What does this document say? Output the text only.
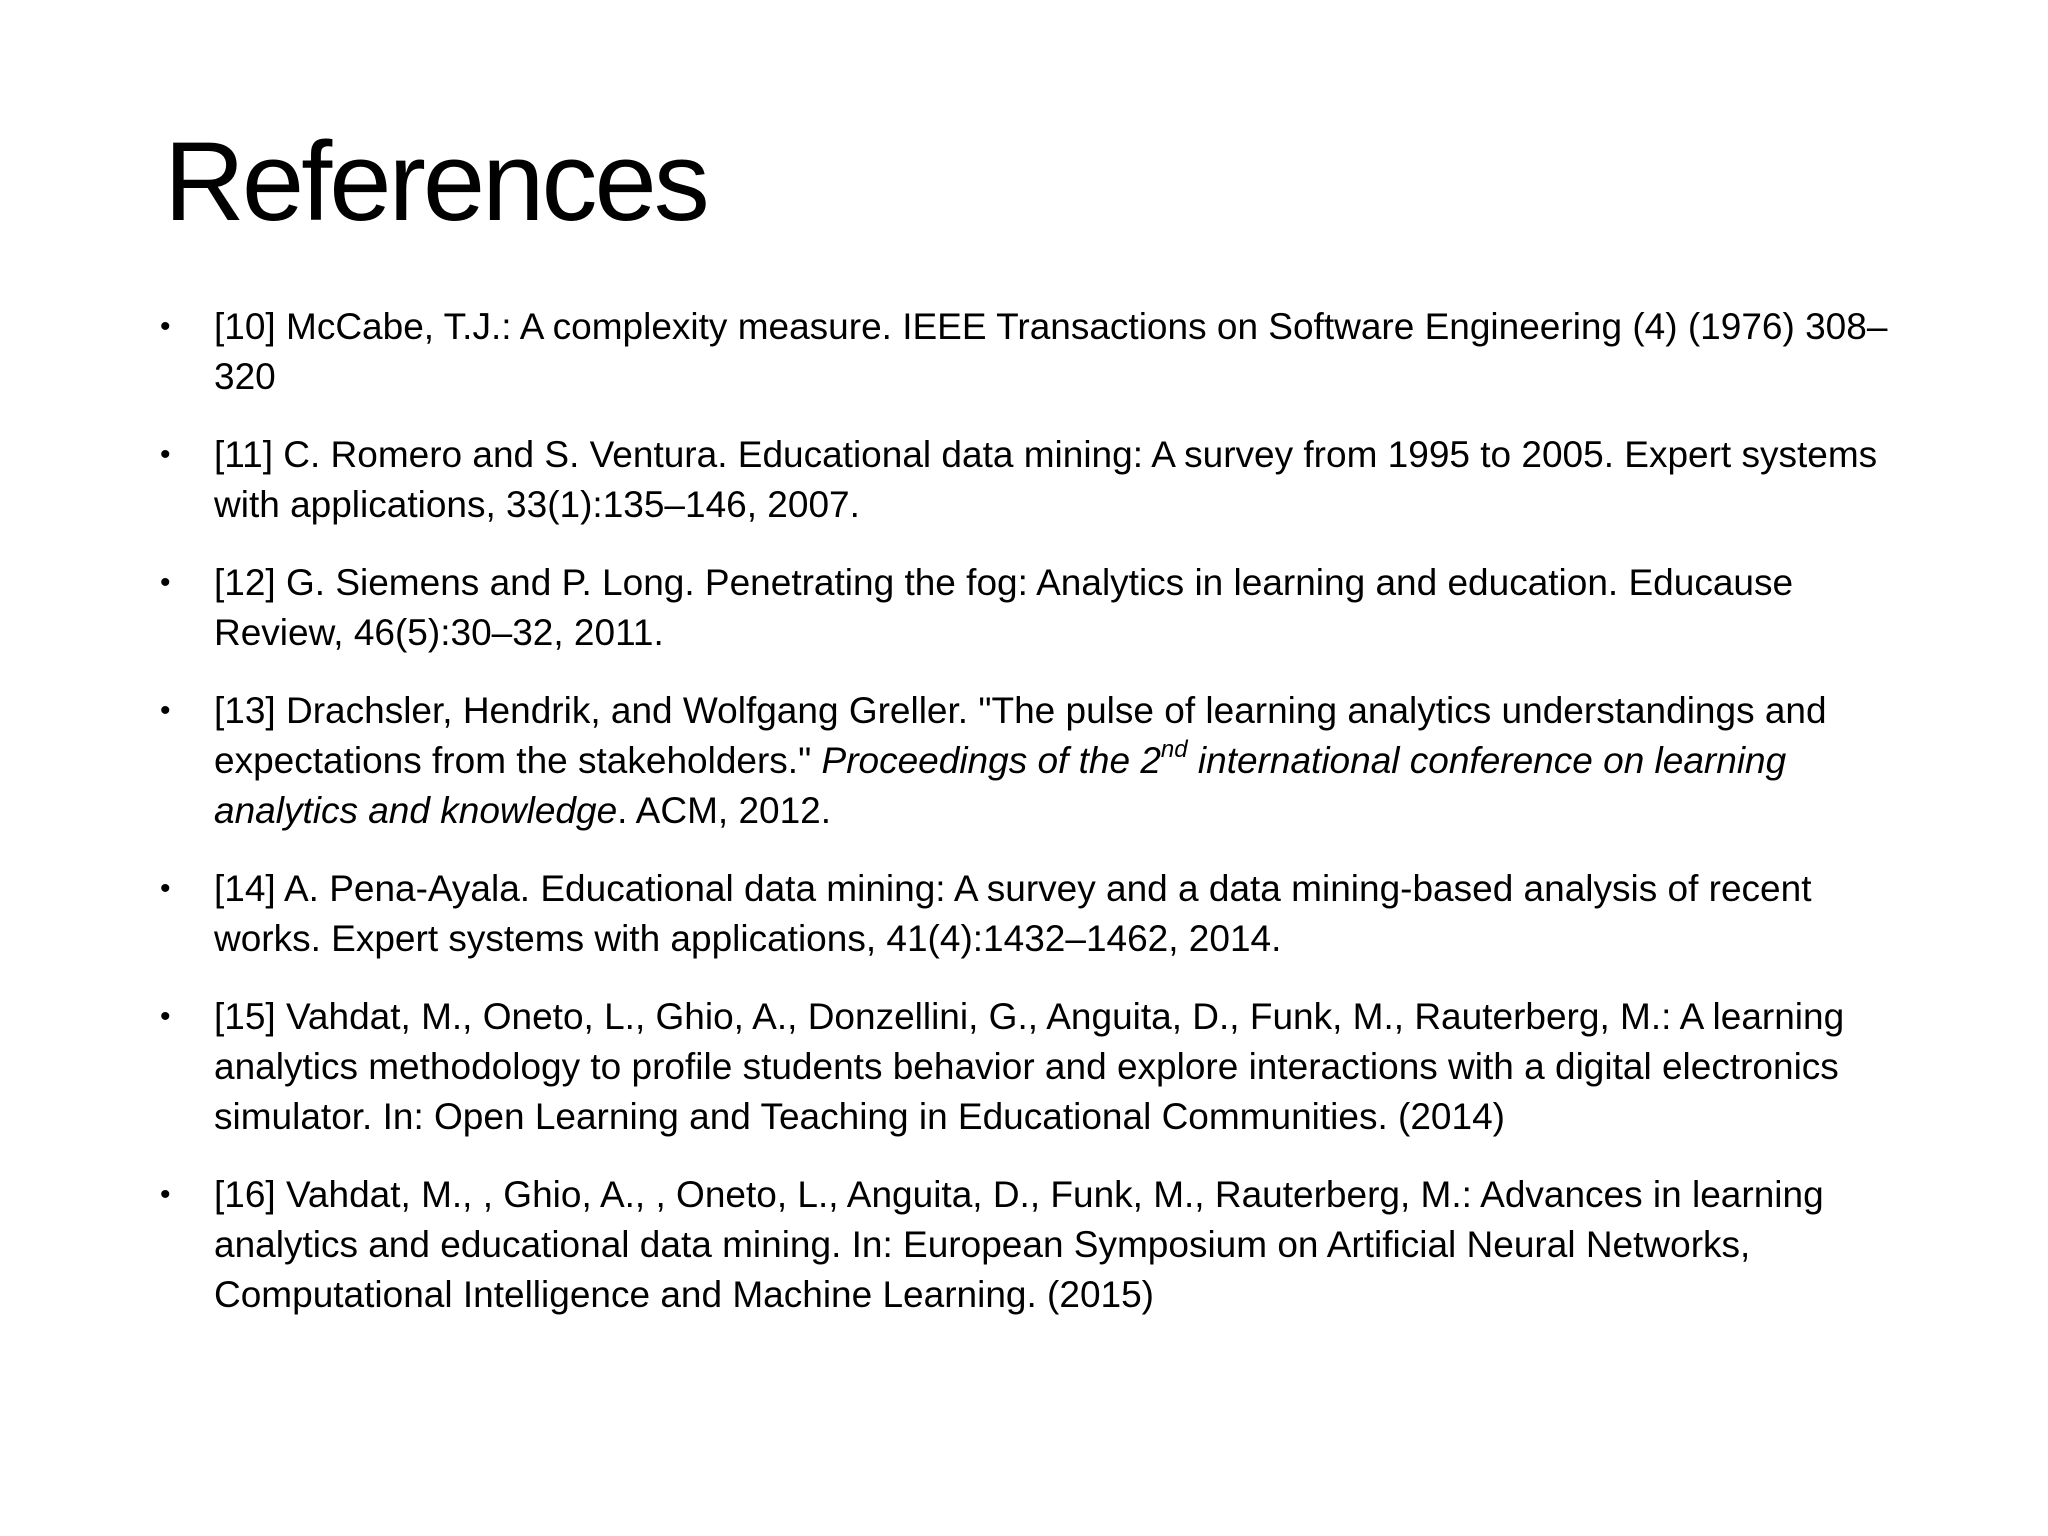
References
•	[10] McCabe, T.J.: A complexity measure. IEEE Transactions on Software Engineering (4) (1976) 308–320
•	[11] C. Romero and S. Ventura. Educational data mining: A survey from 1995 to 2005. Expert systems with applications, 33(1):135–146, 2007.
•	[12] G. Siemens and P. Long. Penetrating the fog: Analytics in learning and education. Educause Review, 46(5):30–32, 2011.
•	[13] Drachsler, Hendrik, and Wolfgang Greller. "The pulse of learning analytics understandings and expectations from the stakeholders." Proceedings of the 2nd international conference on learning analytics and knowledge. ACM, 2012.
•	[14] A. Pena-Ayala. Educational data mining: A survey and a data mining-based analysis of recent works. Expert systems with applications, 41(4):1432–1462, 2014.
•	[15] Vahdat, M., Oneto, L., Ghio, A., Donzellini, G., Anguita, D., Funk, M., Rauterberg, M.: A learning analytics methodology to profile students behavior and explore interactions with a digital electronics simulator. In: Open Learning and Teaching in Educational Communities. (2014)
•	[16] Vahdat, M., , Ghio, A., , Oneto, L., Anguita, D., Funk, M., Rauterberg, M.: Advances in learning analytics and educational data mining. In: European Symposium on Artificial Neural Networks, Computational Intelligence and Machine Learning. (2015)
